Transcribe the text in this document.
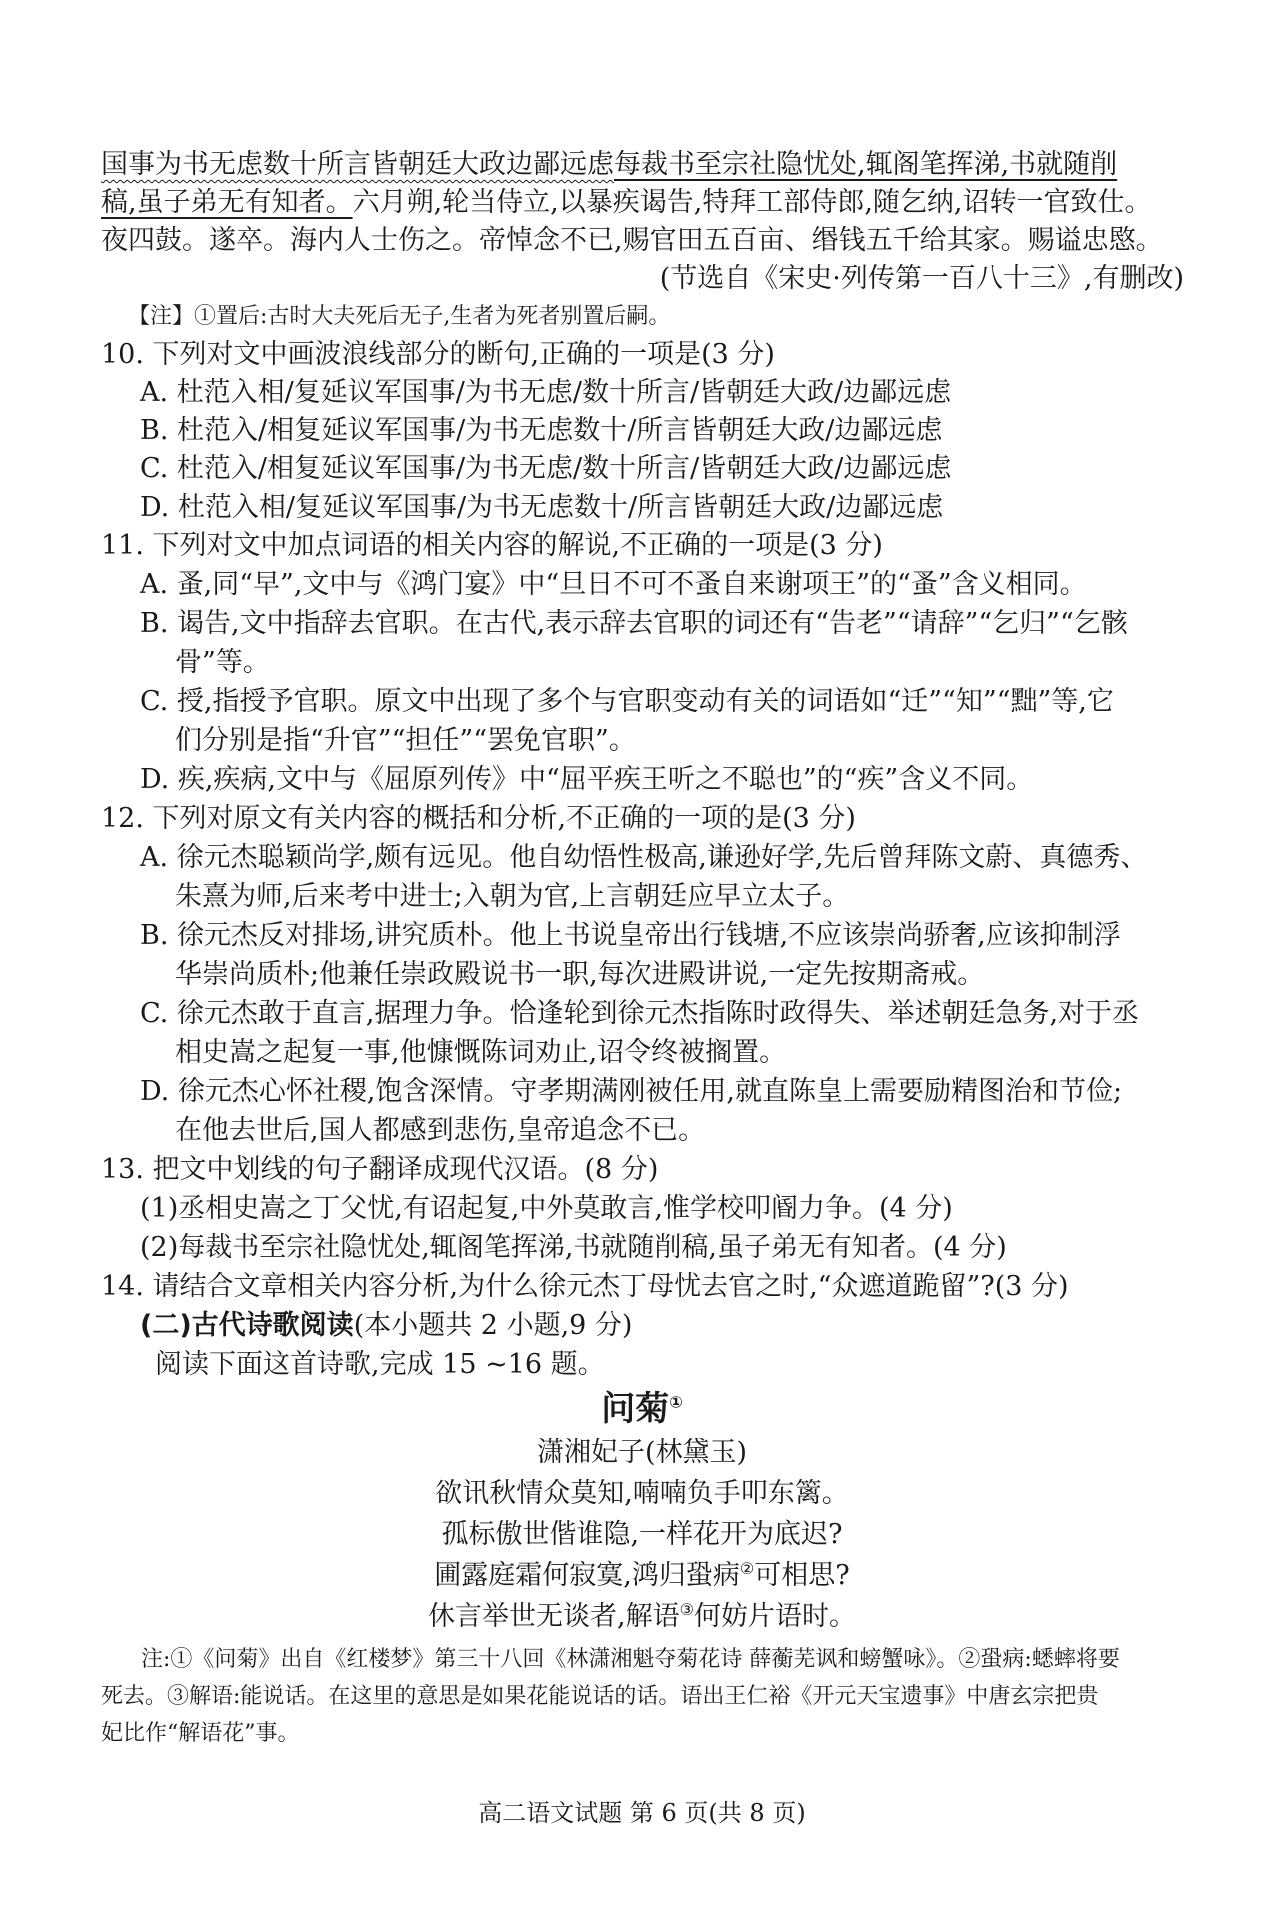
国事为书无虑数十所言皆朝廷大政边鄙远虑每裁书至宗社隐忧处,辄阁笔挥涕,书就随削
稿,虽子弟无有知者。六月朔,轮当侍立,以暴疾谒告,特拜工部侍郎,随乞纳,诏转一官致仕。
夜四鼓。遂卒。海内人士伤之。帝悼念不已,赐官田五百亩、缗钱五千给其家。赐谥忠愍。
(节选自《宋史·列传第一百八十三》,有删改)
【注】①置后:古时大夫死后无子,生者为死者别置后嗣。
10. 下列对文中画波浪线部分的断句,正确的一项是(3 分)
A. 杜范入相/复延议军国事/为书无虑/数十所言/皆朝廷大政/边鄙远虑
B. 杜范入/相复延议军国事/为书无虑数十/所言皆朝廷大政/边鄙远虑
C. 杜范入/相复延议军国事/为书无虑/数十所言/皆朝廷大政/边鄙远虑
D. 杜范入相/复延议军国事/为书无虑数十/所言皆朝廷大政/边鄙远虑
11. 下列对文中加点词语的相关内容的解说,不正确的一项是(3 分)
A. 蚤,同“早”,文中与《鸿门宴》中“旦日不可不蚤自来谢项王”的“蚤”含义相同。
B. 谒告,文中指辞去官职。在古代,表示辞去官职的词还有“告老”“请辞”“乞归”“乞骸
骨”等。
C. 授,指授予官职。原文中出现了多个与官职变动有关的词语如“迁”“知”“黜”等,它
们分别是指“升官”“担任”“罢免官职”。
D. 疾,疾病,文中与《屈原列传》中“屈平疾王听之不聪也”的“疾”含义不同。
12. 下列对原文有关内容的概括和分析,不正确的一项的是(3 分)
A. 徐元杰聪颖尚学,颇有远见。他自幼悟性极高,谦逊好学,先后曾拜陈文蔚、真德秀、
朱熹为师,后来考中进士;入朝为官,上言朝廷应早立太子。
B. 徐元杰反对排场,讲究质朴。他上书说皇帝出行钱塘,不应该崇尚骄奢,应该抑制浮
华崇尚质朴;他兼任崇政殿说书一职,每次进殿讲说,一定先按期斋戒。
C. 徐元杰敢于直言,据理力争。恰逢轮到徐元杰指陈时政得失、举述朝廷急务,对于丞
相史嵩之起复一事,他慷慨陈词劝止,诏令终被搁置。
D. 徐元杰心怀社稷,饱含深情。守孝期满刚被任用,就直陈皇上需要励精图治和节俭;
在他去世后,国人都感到悲伤,皇帝追念不已。
13. 把文中划线的句子翻译成现代汉语。(8 分)
(1)丞相史嵩之丁父忧,有诏起复,中外莫敢言,惟学校叩阍力争。(4 分)
(2)每裁书至宗社隐忧处,辄阁笔挥涕,书就随削稿,虽子弟无有知者。(4 分)
14. 请结合文章相关内容分析,为什么徐元杰丁母忧去官之时,“众遮道跪留”?(3 分)
(二)古代诗歌阅读(本小题共 2 小题,9 分)
阅读下面这首诗歌,完成 15 ~16 题。
问菊①
潇湘妃子(林黛玉)
欲讯秋情众莫知,喃喃负手叩东篱。
孤标傲世偕谁隐,一样花开为底迟?
圃露庭霜何寂寞,鸿归蛩病②可相思?
休言举世无谈者,解语③何妨片语时。
注:①《问菊》出自《红楼梦》第三十八回《林潇湘魁夺菊花诗 薛蘅芜讽和螃蟹咏》。②蛩病:蟋蟀将要
死去。③解语:能说话。在这里的意思是如果花能说话的话。语出王仁裕《开元天宝遗事》中唐玄宗把贵
妃比作“解语花”事。
高二语文试题 第 6 页(共 8 页)
